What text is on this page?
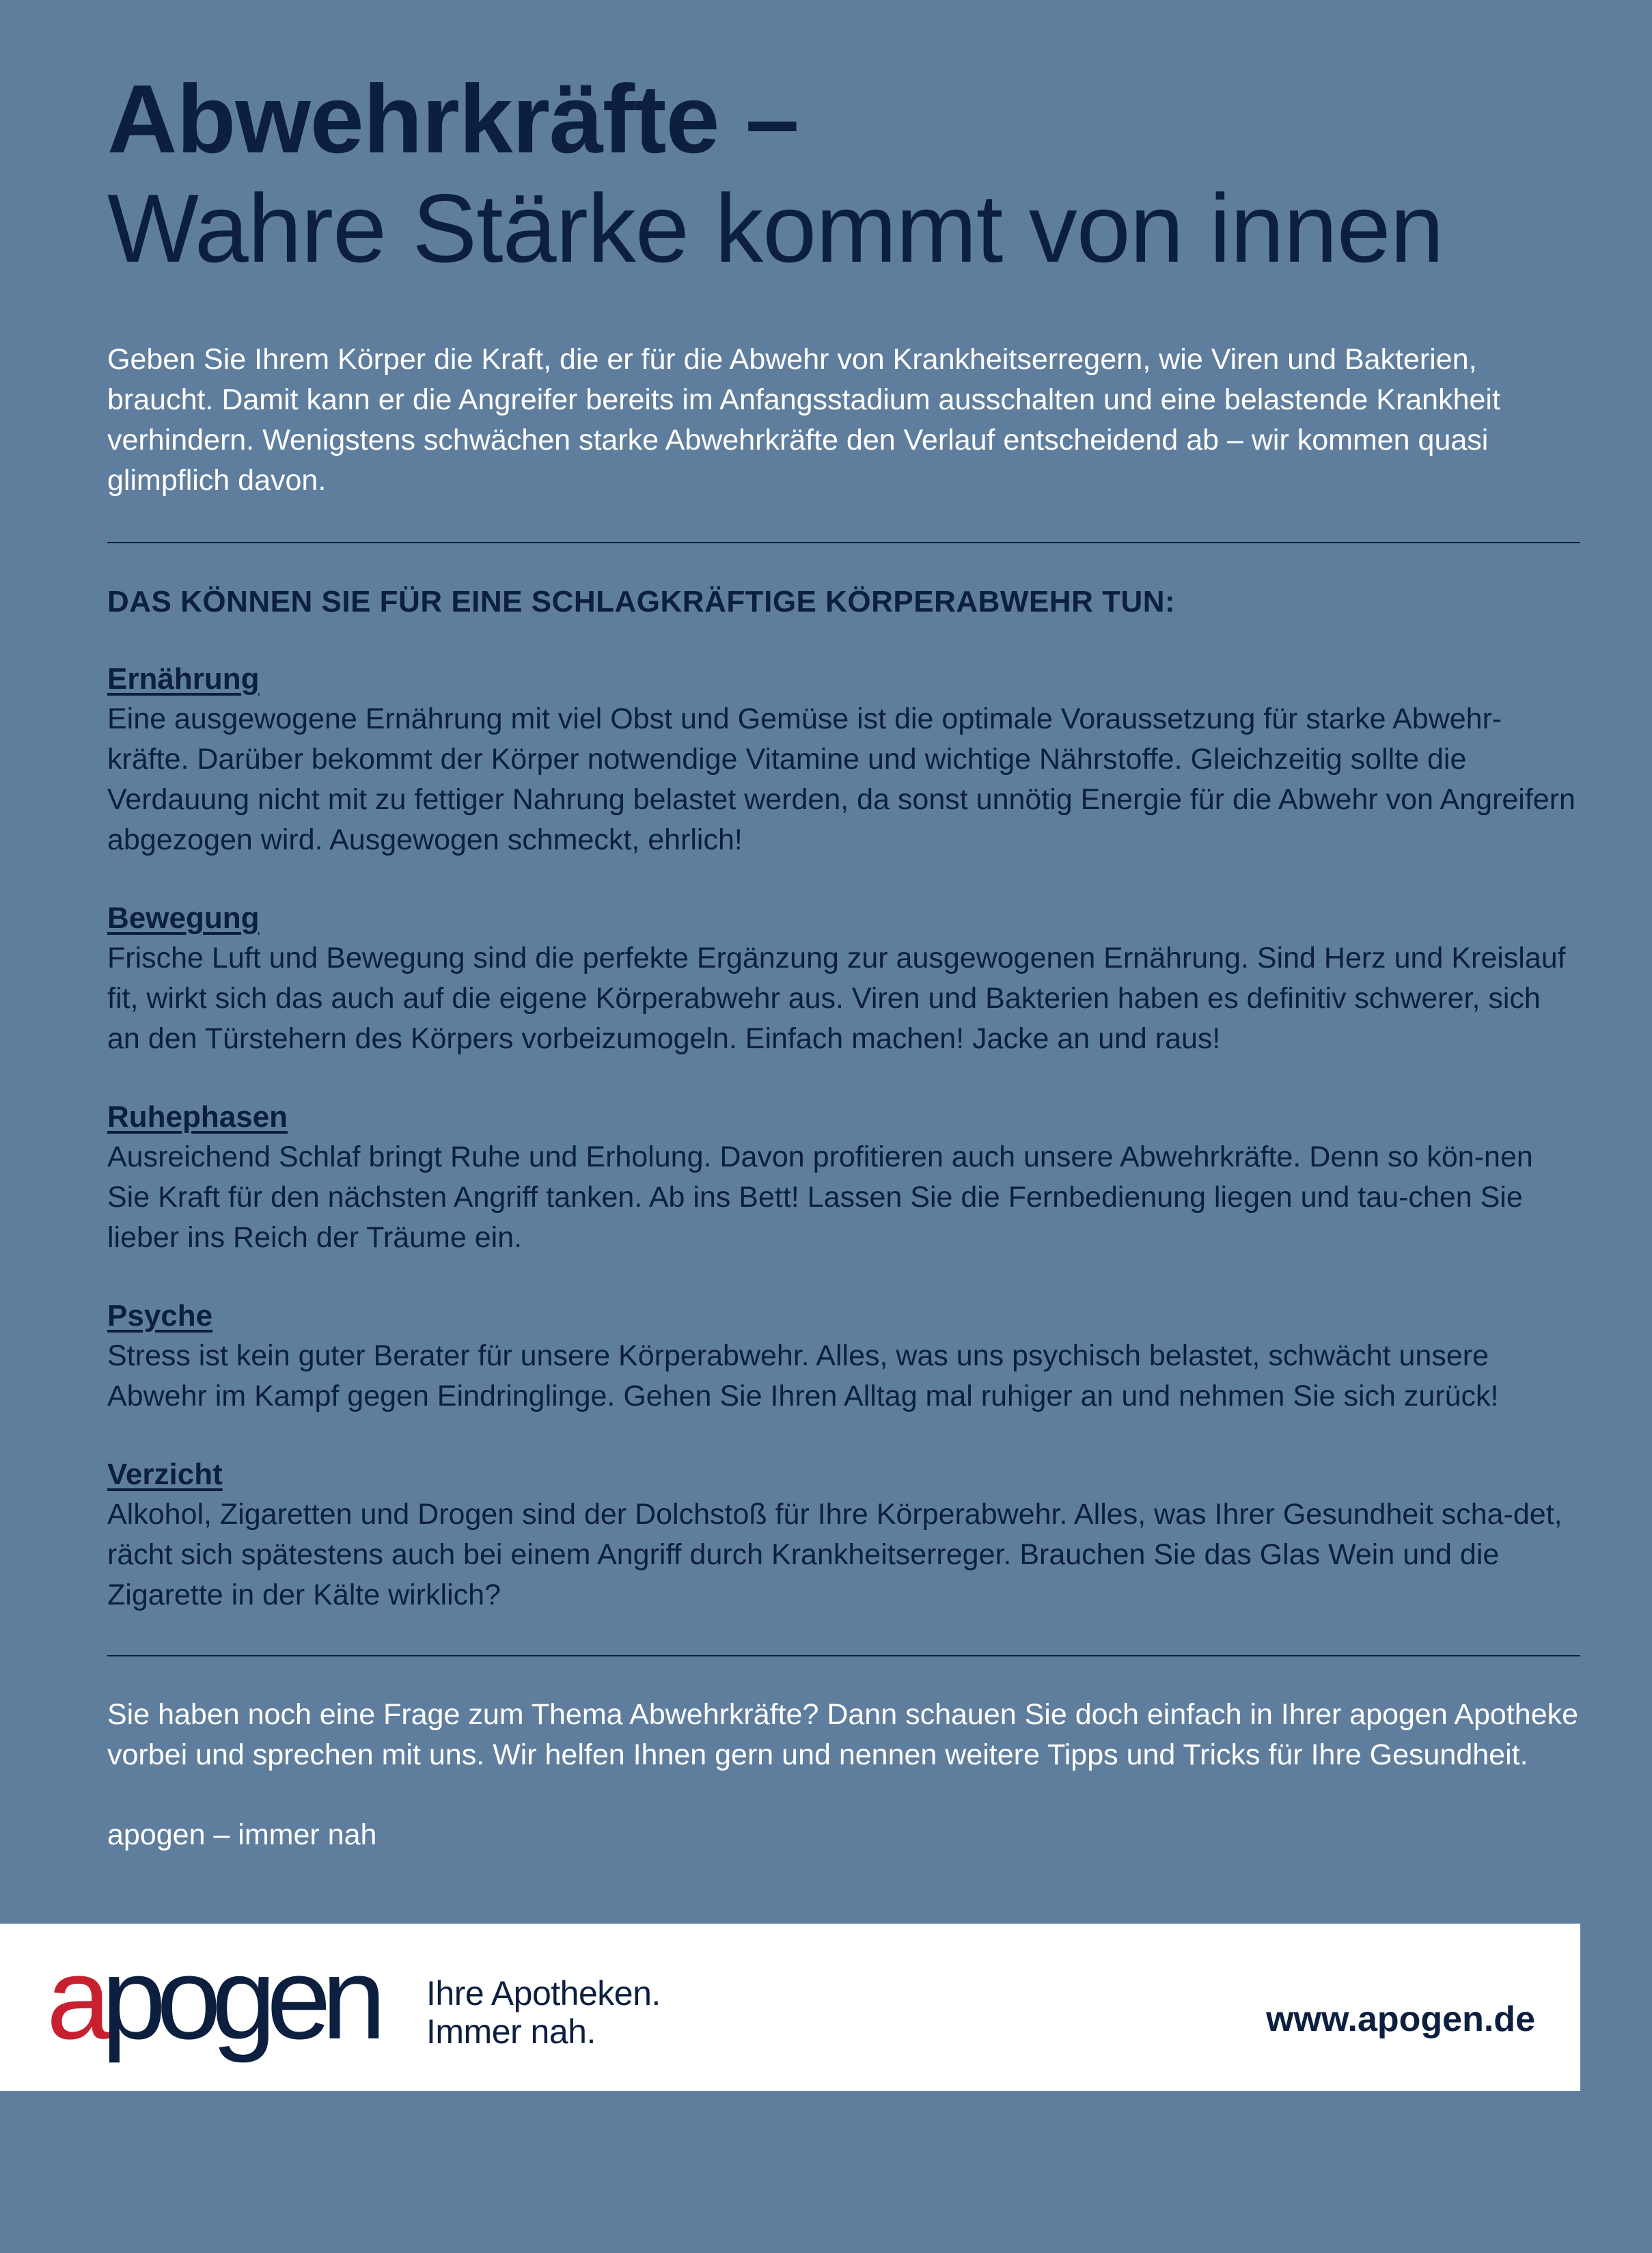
Abwehrkräfte –
Wahre Stärke kommt von innen

Geben Sie Ihrem Körper die Kraft, die er für die Abwehr von Krankheitserregern, wie Viren und Bakterien, braucht. Damit kann er die Angreifer bereits im Anfangsstadium ausschalten und eine belastende Krankheit verhindern. Wenigstens schwächen starke Abwehrkräfte den Verlauf entscheidend ab – wir kommen quasi glimpflich davon.

DAS KÖNNEN SIE FÜR EINE SCHLAGKRÄFTIGE KÖRPERABWEHR TUN:
Ernährung
Eine ausgewogene Ernährung mit viel Obst und Gemüse ist die optimale Voraussetzung für starke Abwehr-kräfte. Darüber bekommt der Körper notwendige Vitamine und wichtige Nährstoffe. Gleichzeitig sollte die Verdauung nicht mit zu fettiger Nahrung belastet werden, da sonst unnötig Energie für die Abwehr von Angreifern abgezogen wird. Ausgewogen schmeckt, ehrlich!
Bewegung
Frische Luft und Bewegung sind die perfekte Ergänzung zur ausgewogenen Ernährung. Sind Herz und Kreislauf fit, wirkt sich das auch auf die eigene Körperabwehr aus. Viren und Bakterien haben es definitiv schwerer, sich an den Türstehern des Körpers vorbeizumogeln. Einfach machen! Jacke an und raus!
Ruhephasen
Ausreichend Schlaf bringt Ruhe und Erholung. Davon profitieren auch unsere Abwehrkräfte. Denn so kön-nen Sie Kraft für den nächsten Angriff tanken. Ab ins Bett! Lassen Sie die Fernbedienung liegen und tau-chen Sie lieber ins Reich der Träume ein.
Psyche
Stress ist kein guter Berater für unsere Körperabwehr. Alles, was uns psychisch belastet, schwächt unsere Abwehr im Kampf gegen Eindringlinge. Gehen Sie Ihren Alltag mal ruhiger an und nehmen Sie sich zurück!
Verzicht
Alkohol, Zigaretten und Drogen sind der Dolchstoß für Ihre Körperabwehr. Alles, was Ihrer Gesundheit scha-det, rächt sich spätestens auch bei einem Angriff durch Krankheitserreger. Brauchen Sie das Glas Wein und die Zigarette in der Kälte wirklich?
Sie haben noch eine Frage zum Thema Abwehrkräfte? Dann schauen Sie doch einfach in Ihrer apogen Apotheke vorbei und sprechen mit uns. Wir helfen Ihnen gern und nennen weitere Tipps und Tricks für Ihre Gesundheit.
apogen – immer nah
apogen Ihre Apotheken.
Immer nah.	www.apogen.de
